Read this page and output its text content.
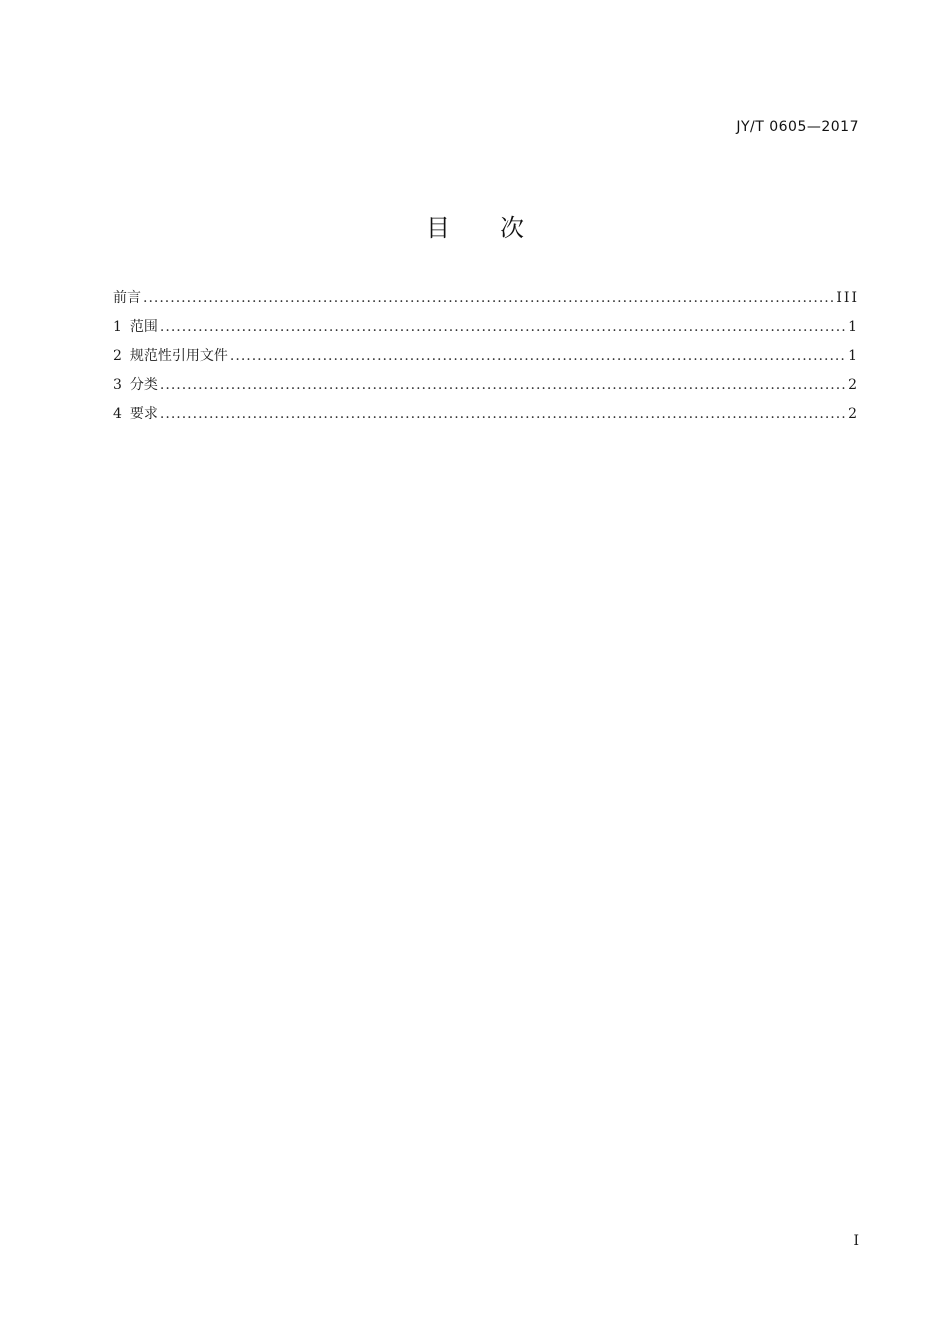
JY/T 0605—2017
目 次
前言 .....	III
1 范围 .....	1
2 规范性引用文件 .....	1
3 分类 .....	2
4 要求 .....	2
I
